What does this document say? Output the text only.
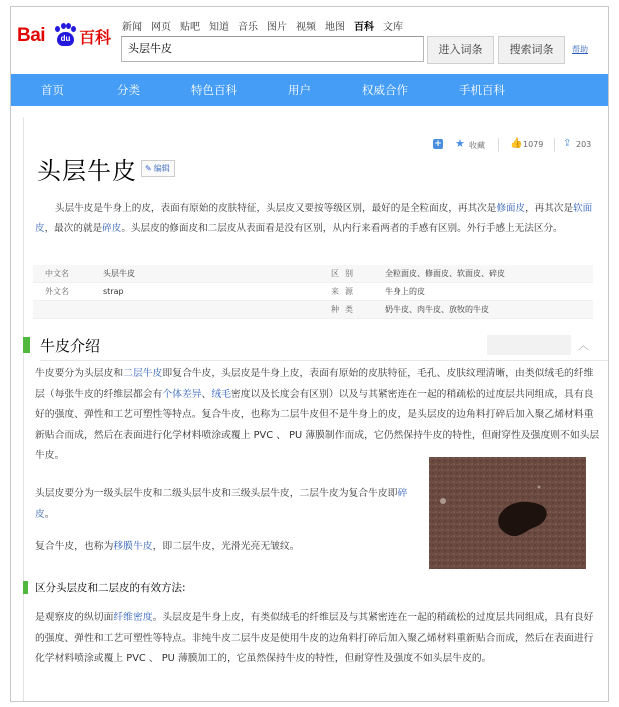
Bai	du 百科
新闻 网页 贴吧 知道 音乐 图片 视频 地图 百科 文库
头层牛皮	进入词条	搜索词条	帮助
首页	分类	特色百科	用户	权威合作	手机百科
+ ★ 收藏	👍 1079 ⇪ 203
头层牛皮	✎ 编辑
头层牛皮是牛身上的皮，表面有原始的皮肤特征，头层皮又要按等级区别，最好的是全粒面皮，再其次是修面皮，再其次是软面皮，最次的就是碎皮。头层皮的修面皮和二层皮从表面看是没有区别，从内行来看两者的手感有区别。外行手感上无法区分。
中文名	头层牛皮	区别	全粒面皮、修面皮、软面皮、碎皮
外文名	strap	来源	牛身上的皮
种类	奶牛皮、肉牛皮、放牧的牛皮
牛皮介绍	︿
牛皮要分为头层皮和二层牛皮即复合牛皮，头层皮是牛身上皮，表面有原始的皮肤特征，毛孔、皮肤纹理清晰，由类似绒毛的纤维层（每张牛皮的纤维层都会有个体差异、绒毛密度以及长度会有区别）以及与其紧密连在一起的稍疏松的过度层共同组成，具有良好的强度、弹性和工艺可塑性等特点。复合牛皮，也称为二层牛皮但不是牛身上的皮，是头层皮的边角料打碎后加入聚乙烯材料重新贴合而成，然后在表面进行化学材料喷涂或覆上 PVC 、 PU 薄膜制作而成，它仍然保持牛皮的特性，但耐穿性及强度则不如头层牛皮。
头层皮要分为一级头层牛皮和二级头层牛皮和三级头层牛皮，二层牛皮为复合牛皮即碎皮。
复合牛皮，也称为移膜牛皮，即二层牛皮，光滑光亮无皱纹。
区分头层皮和二层皮的有效方法:
是观察皮的纵切面纤维密度。头层皮是牛身上皮，有类似绒毛的纤维层及与其紧密连在一起的稍疏松的过度层共同组成，具有良好的强度、弹性和工艺可塑性等特点。非纯牛皮二层牛皮是使用牛皮的边角料打碎后加入聚乙烯材料重新贴合而成，然后在表面进行化学材料喷涂或覆上 PVC 、 PU 薄膜加工的，它虽然保持牛皮的特性，但耐穿性及强度不如头层牛皮的。
